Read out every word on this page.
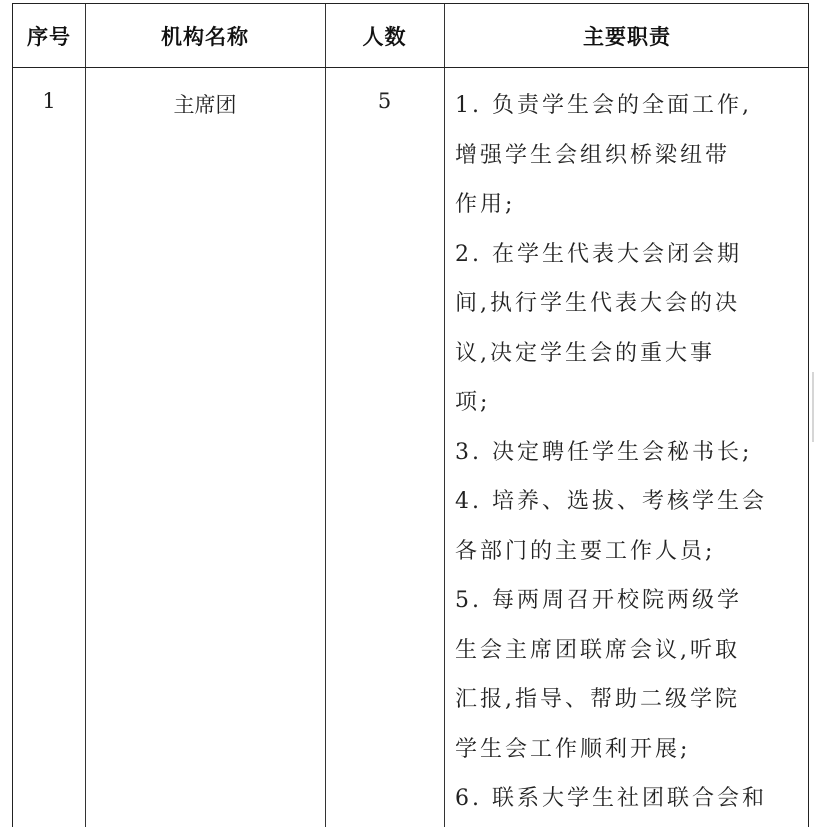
序号	机构名称	人数	主要职责
1	主席团	5	1. 负责学生会的全面工作,
增强学生会组织桥梁纽带
作用;
2. 在学生代表大会闭会期
间,执行学生代表大会的决
议,决定学生会的重大事
项;
3. 决定聘任学生会秘书长;
4. 培养、选拔、考核学生会
各部门的主要工作人员;
5. 每两周召开校院两级学
生会主席团联席会议,听取
汇报,指导、帮助二级学院
学生会工作顺利开展;
6. 联系大学生社团联合会和
